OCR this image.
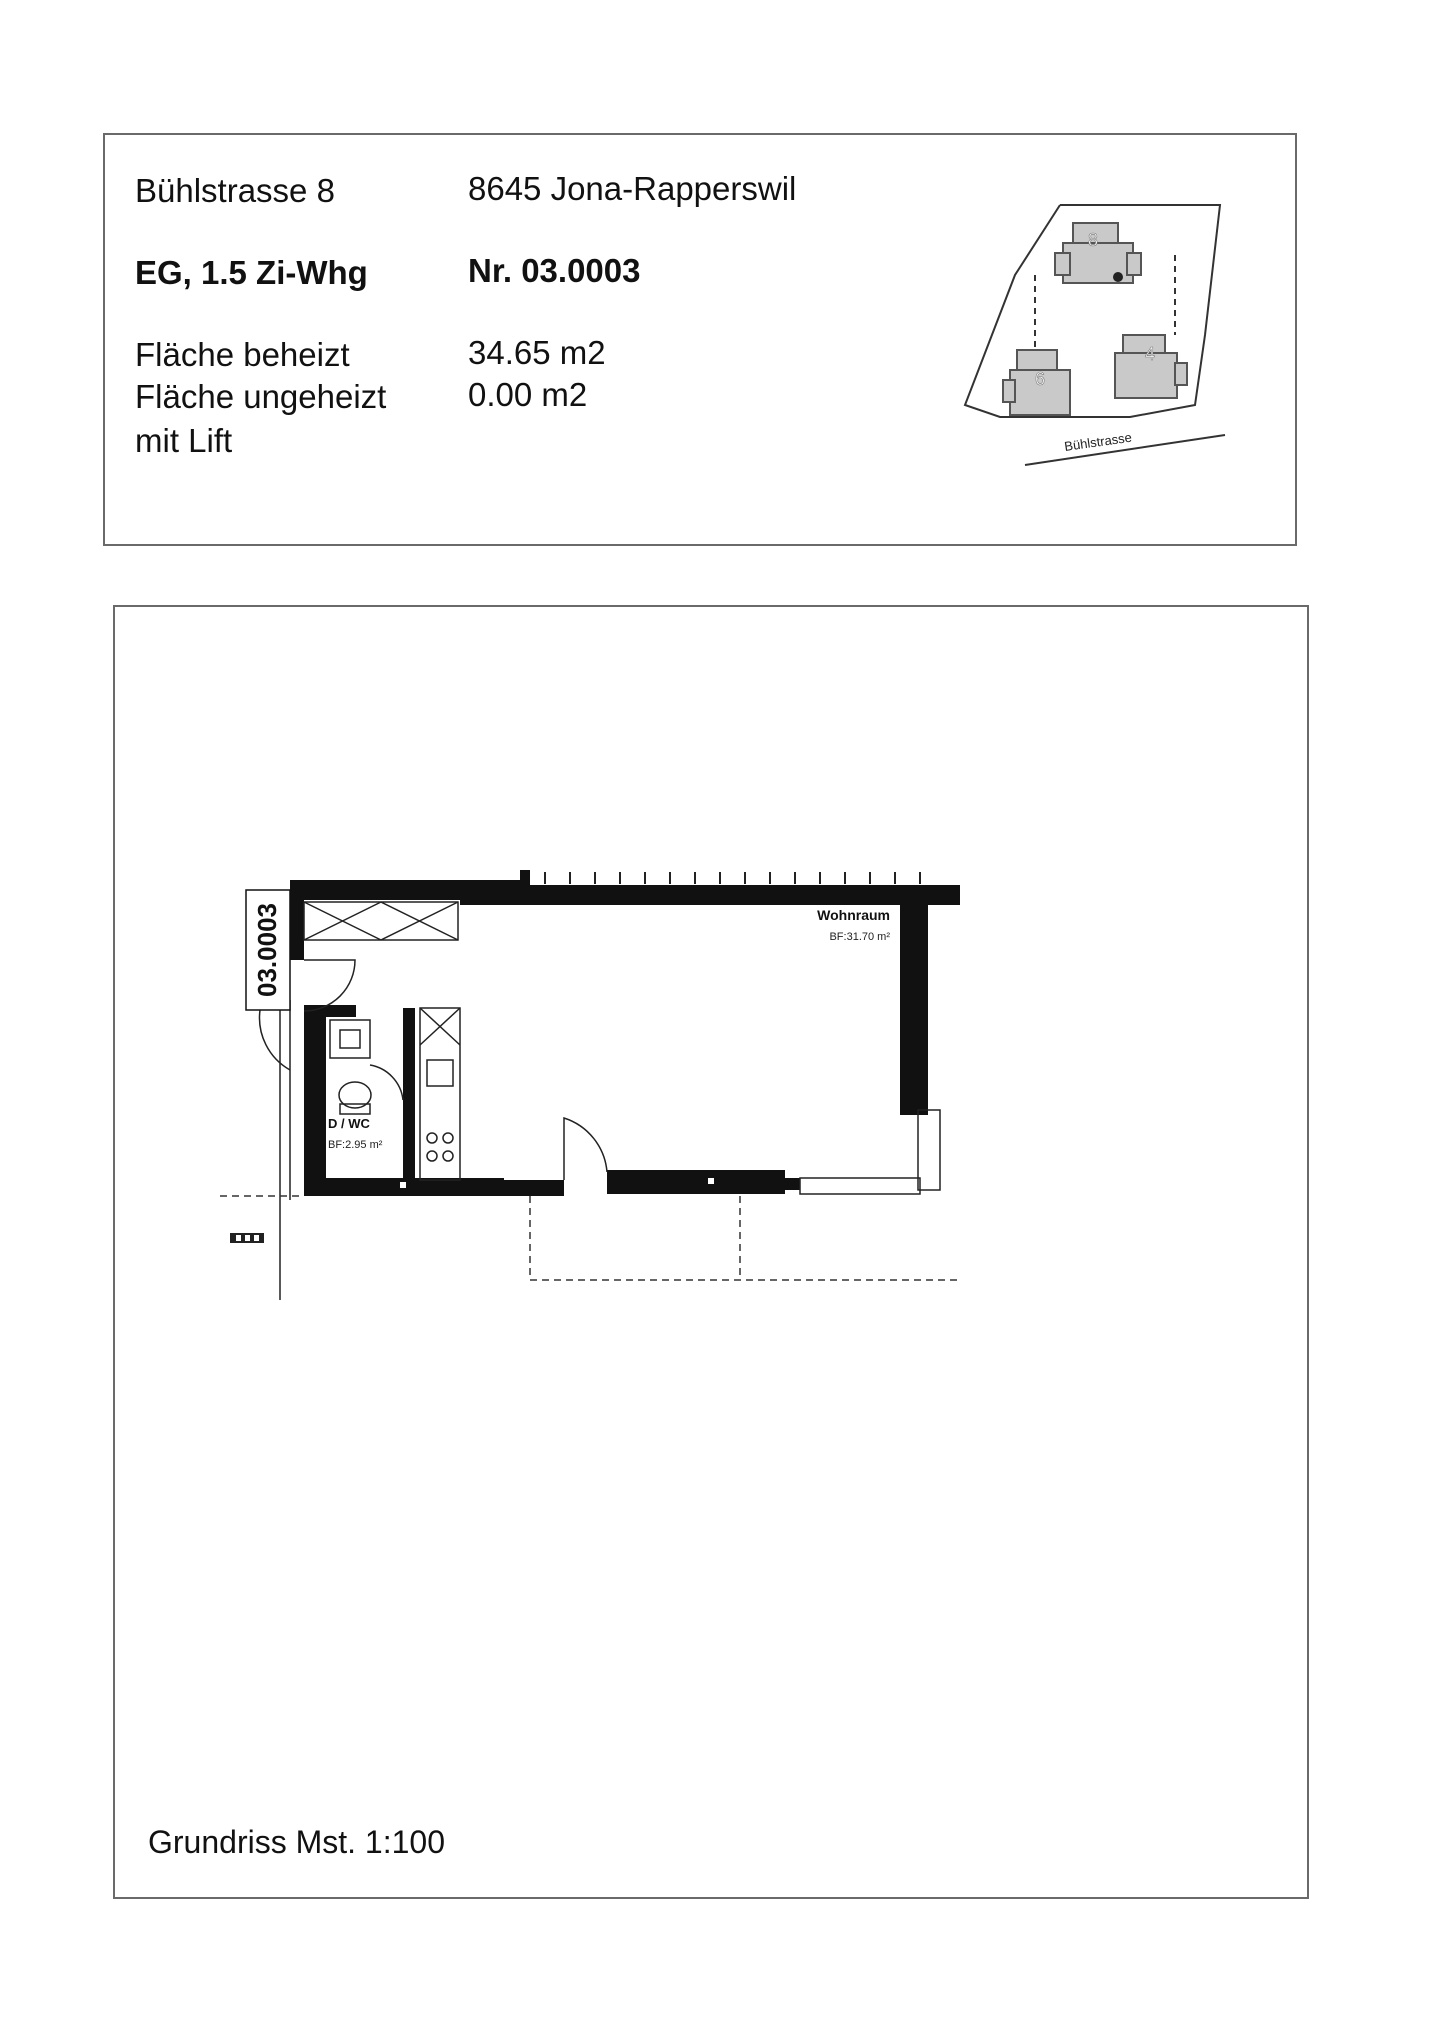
Bühlstrasse 8	8645 Jona-Rapperswil
EG, 1.5 Zi-Whg	Nr. 03.0003
Fläche beheizt	34.65 m2
Fläche ungeheizt 0.00 m2
mit Lift
8
6
4
Bühlstrasse
03.0003	Wohnraum
BF:31.70 m²
D / WC
BF:2.95 m²
Grundriss Mst. 1:100
